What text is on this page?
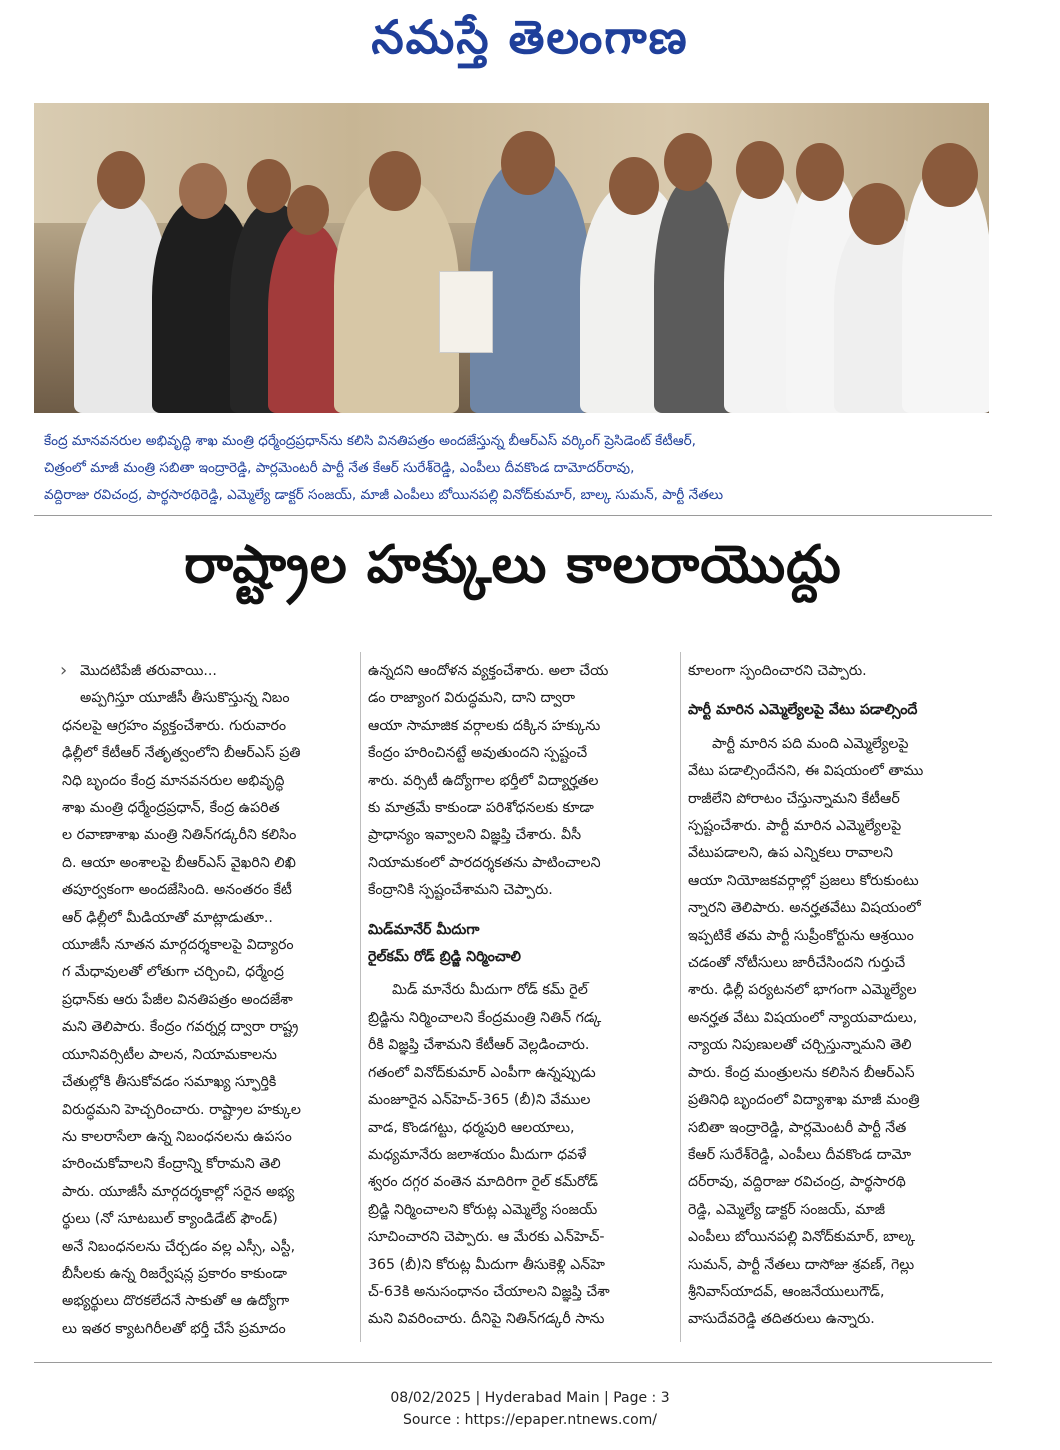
నమస్తే తెలంగాణ
కేంద్ర మానవనరుల అభివృద్ధి శాఖ మంత్రి ధర్మేంద్రప్రధాన్‌ను కలిసి వినతిపత్రం అందజేస్తున్న బీఆర్‌ఎస్‌ వర్కింగ్‌ ప్రెసిడెంట్‌ కేటీఆర్‌,
చిత్రంలో మాజీ మంత్రి సబితా ఇంద్రారెడ్డి, పార్లమెంటరీ పార్టీ నేత కేఆర్‌ సురేశ్‌రెడ్డి, ఎంపీలు దీవకొండ దామోదర్‌రావు,
వద్దిరాజు రవిచంద్ర, పార్థసారథిరెడ్డి, ఎమ్మెల్యే డాక్టర్‌ సంజయ్‌, మాజీ ఎంపీలు బోయినపల్లి వినోద్‌కుమార్‌, బాల్క సుమన్‌, పార్టీ నేతలు
రాష్ట్రాల హక్కులు కాలరాయొద్దు
› మొదటిపేజీ తరువాయి...
అప్పగిస్తూ యూజీసీ తీసుకొస్తున్న నిబం
ధనలపై ఆగ్రహం వ్యక్తంచేశారు. గురువారం
ఢిల్లీలో కేటీఆర్‌ నేతృత్వంలోని బీఆర్‌ఎస్‌ ప్రతి
నిధి బృందం కేంద్ర మానవనరుల అభివృద్ధి
శాఖ మంత్రి ధర్మేంద్రప్రధాన్‌, కేంద్ర ఉపరిత
ల రవాణాశాఖ మంత్రి నితిన్‌గడ్కరీని కలిసిం
ది. ఆయా అంశాలపై బీఆర్‌ఎస్‌ వైఖరిని లిఖి
తపూర్వకంగా అందజేసింది. అనంతరం కేటీ
ఆర్‌ ఢిల్లీలో మీడియాతో మాట్లాడుతూ..
యూజీసీ నూతన మార్గదర్శకాలపై విద్యారం
గ మేధావులతో లోతుగా చర్చించి, ధర్మేంద్ర
ప్రధాన్‌కు ఆరు పేజీల వినతిపత్రం అందజేశా
మని తెలిపారు. కేంద్రం గవర్నర్ల ద్వారా రాష్ట్ర
యూనివర్సిటీల పాలన, నియామకాలను
చేతుల్లోకి తీసుకోవడం సమాఖ్య స్ఫూర్తికి
విరుద్ధమని హెచ్చరించారు. రాష్ట్రాల హక్కుల
ను కాలరాసేలా ఉన్న నిబంధనలను ఉపసం
హరించుకోవాలని కేంద్రాన్ని కోరామని తెలి
పారు. యూజీసీ మార్గదర్శకాల్లో సరైన అభ్య
ర్థులు (నో సూటబుల్‌ క్యాండిడేట్‌ ఫౌండ్‌)
అనే నిబంధనలను చేర్చడం వల్ల ఎస్సీ, ఎస్టీ,
బీసీలకు ఉన్న రిజర్వేషన్ల ప్రకారం కాకుండా
అభ్యర్థులు దొరకలేదనే సాకుతో ఆ ఉద్యోగా
లు ఇతర క్యాటగిరీలతో భర్తీ చేసే ప్రమాదం
ఉన్నదని ఆందోళన వ్యక్తంచేశారు. అలా చేయ
డం రాజ్యాంగ విరుద్ధమని, దాని ద్వారా
ఆయా సామాజిక వర్గాలకు దక్కిన హక్కును
కేంద్రం హరించినట్టే అవుతుందని స్పష్టంచే
శారు. వర్సిటీ ఉద్యోగాల భర్తీలో విద్యార్హతల
కు మాత్రమే కాకుండా పరిశోధనలకు కూడా
ప్రాధాన్యం ఇవ్వాలని విజ్ఞప్తి చేశారు. వీసీ
నియామకంలో పారదర్శకతను పాటించాలని
కేంద్రానికి స్పష్టంచేశామని చెప్పారు.
మిడ్‌మానేర్‌ మీదుగా
రైల్‌కమ్‌ రోడ్‌ బ్రిడ్జి నిర్మించాలి
మిడ్‌ మానేరు మీదుగా రోడ్‌ కమ్‌ రైల్‌
బ్రిడ్జిను నిర్మించాలని కేంద్రమంత్రి నితిన్‌ గడ్క
రీకి విజ్ఞప్తి చేశామని కేటీఆర్‌ వెల్లడించారు.
గతంలో వినోద్‌కుమార్‌ ఎంపీగా ఉన్నప్పుడు
మంజూరైన ఎన్‌హెచ్‌-365 (బీ)ని వేముల
వాడ, కొండగట్టు, ధర్మపురి ఆలయాలు,
మధ్యమానేరు జలాశయం మీదుగా ధవళే
శ్వరం దగ్గర వంతెన మాదిరిగా రైల్‌ కమ్‌రోడ్‌
బ్రిడ్జి నిర్మించాలని కోరుట్ల ఎమ్మెల్యే సంజయ్‌
సూచించారని చెప్పారు. ఆ మేరకు ఎన్‌హెచ్‌-
365 (బీ)ని కోరుట్ల మీదుగా తీసుకెళ్లి ఎన్‌హె
చ్‌-63కి అనుసంధానం చేయాలని విజ్ఞప్తి చేశా
మని వివరించారు. దీనిపై నితిన్‌గడ్కరీ సాను
కూలంగా స్పందించారని చెప్పారు.
పార్టీ మారిన ఎమ్మెల్యేలపై వేటు పడాల్సిందే
పార్టీ మారిన పది మంది ఎమ్మెల్యేలపై
వేటు పడాల్సిందేనని, ఈ విషయంలో తాము
రాజీలేని పోరాటం చేస్తున్నామని కేటీఆర్‌
స్పష్టంచేశారు. పార్టీ మారిన ఎమ్మెల్యేలపై
వేటుపడాలని, ఉప ఎన్నికలు రావాలని
ఆయా నియోజకవర్గాల్లో ప్రజలు కోరుకుంటు
న్నారని తెలిపారు. అనర్హతవేటు విషయంలో
ఇప్పటికే తమ పార్టీ సుప్రీంకోర్టును ఆశ్రయిం
చడంతో నోటీసులు జారీచేసిందని గుర్తుచే
శారు. ఢిల్లీ పర్యటనలో భాగంగా ఎమ్మెల్యేల
అనర్హత వేటు విషయంలో న్యాయవాదులు,
న్యాయ నిపుణులతో చర్చిస్తున్నామని తెలి
పారు. కేంద్ర మంత్రులను కలిసిన బీఆర్‌ఎస్‌
ప్రతినిధి బృందంలో విద్యాశాఖ మాజీ మంత్రి
సబితా ఇంద్రారెడ్డి, పార్లమెంటరీ పార్టీ నేత
కేఆర్‌ సురేశ్‌రెడ్డి, ఎంపీలు దీవకొండ దామో
దర్‌రావు, వద్దిరాజు రవిచంద్ర, పార్థసారథి
రెడ్డి, ఎమ్మెల్యే డాక్టర్‌ సంజయ్‌, మాజీ
ఎంపీలు బోయినపల్లి వినోద్‌కుమార్‌, బాల్క
సుమన్‌, పార్టీ నేతలు దాసోజు శ్రవణ్‌, గెల్లు
శ్రీనివాస్‌యాదవ్‌, ఆంజనేయులుగౌడ్‌,
వాసుదేవరెడ్డి తదితరులు ఉన్నారు.
08/02/2025 | Hyderabad Main | Page : 3
Source : https://epaper.ntnews.com/
